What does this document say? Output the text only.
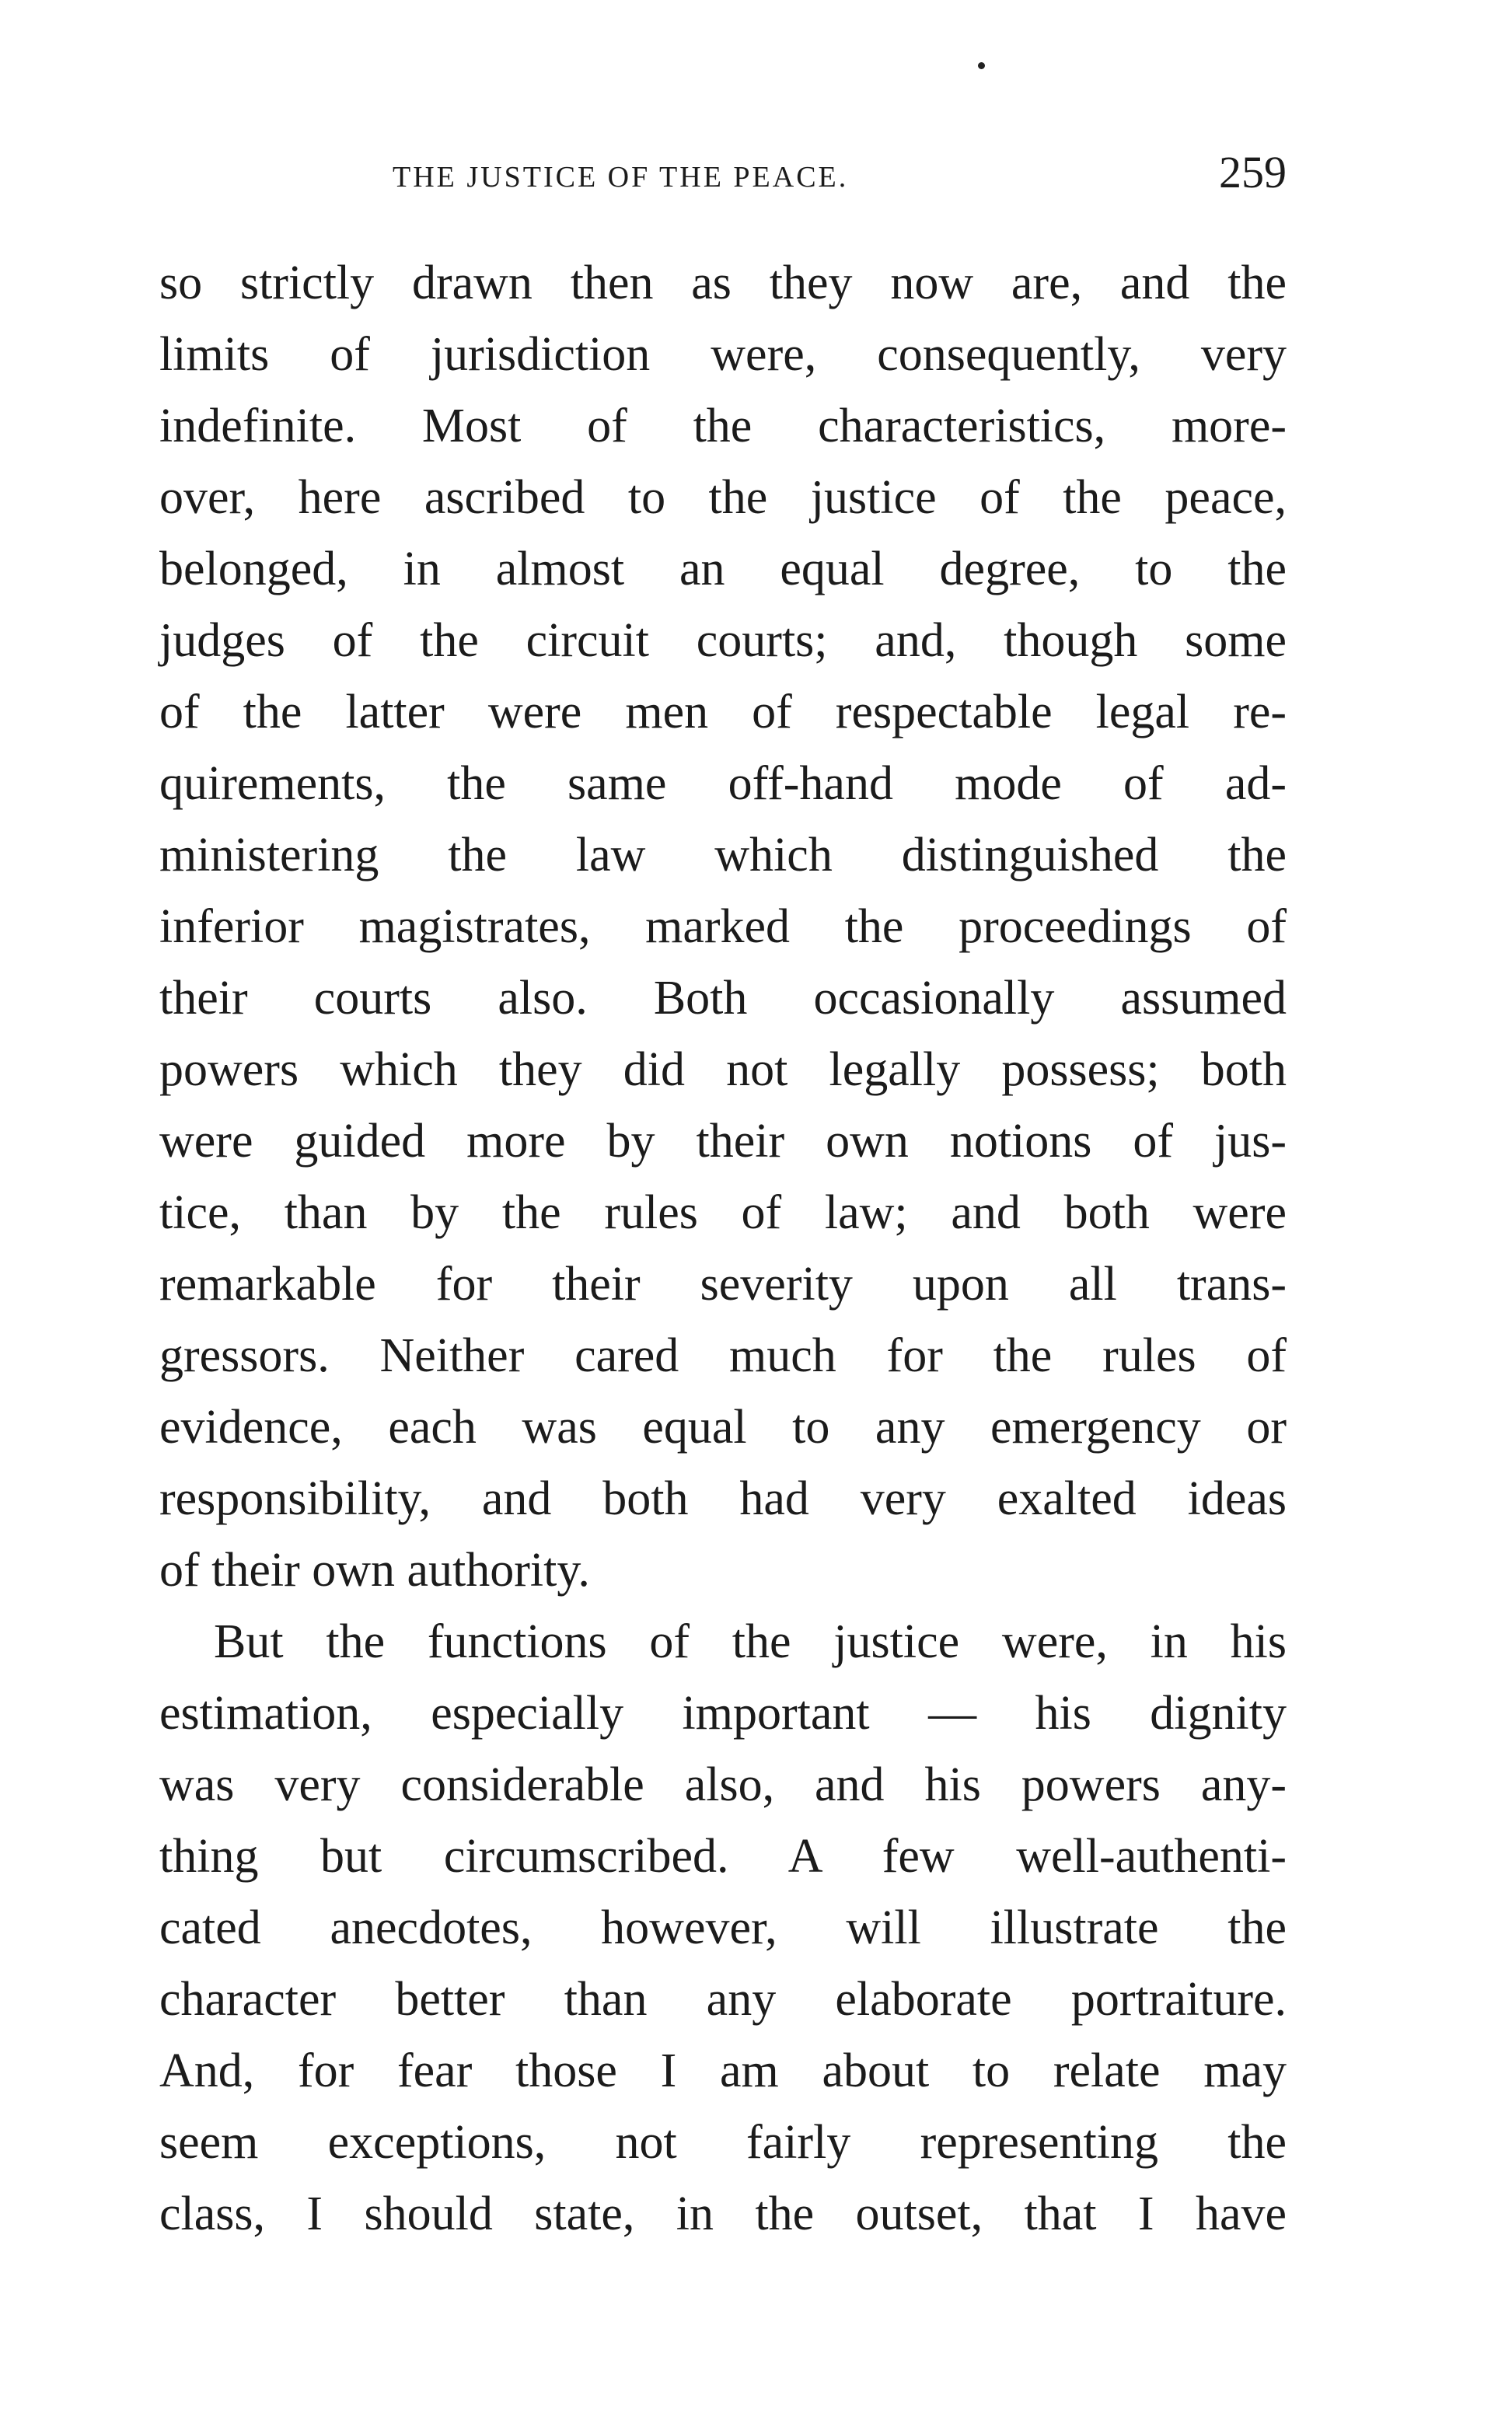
THE JUSTICE OF THE PEACE.	259
so strictly drawn then as they now are, and the
limits of jurisdiction were, consequently, very
indefinite. Most of the characteristics, more-
over, here ascribed to the justice of the peace,
belonged, in almost an equal degree, to the
judges of the circuit courts; and, though some
of the latter were men of respectable legal re-
quirements, the same off-hand mode of ad-
ministering the law which distinguished the
inferior magistrates, marked the proceedings of
their courts also. Both occasionally assumed
powers which they did not legally possess; both
were guided more by their own notions of jus-
tice, than by the rules of law; and both were
remarkable for their severity upon all trans-
gressors. Neither cared much for the rules of
evidence, each was equal to any emergency or
responsibility, and both had very exalted ideas
of their own authority.
But the functions of the justice were, in his
estimation, especially important — his dignity
was very considerable also, and his powers any-
thing but circumscribed. A few well-authenti-
cated anecdotes, however, will illustrate the
character better than any elaborate portraiture.
And, for fear those I am about to relate may
seem exceptions, not fairly representing the
class, I should state, in the outset, that I have
